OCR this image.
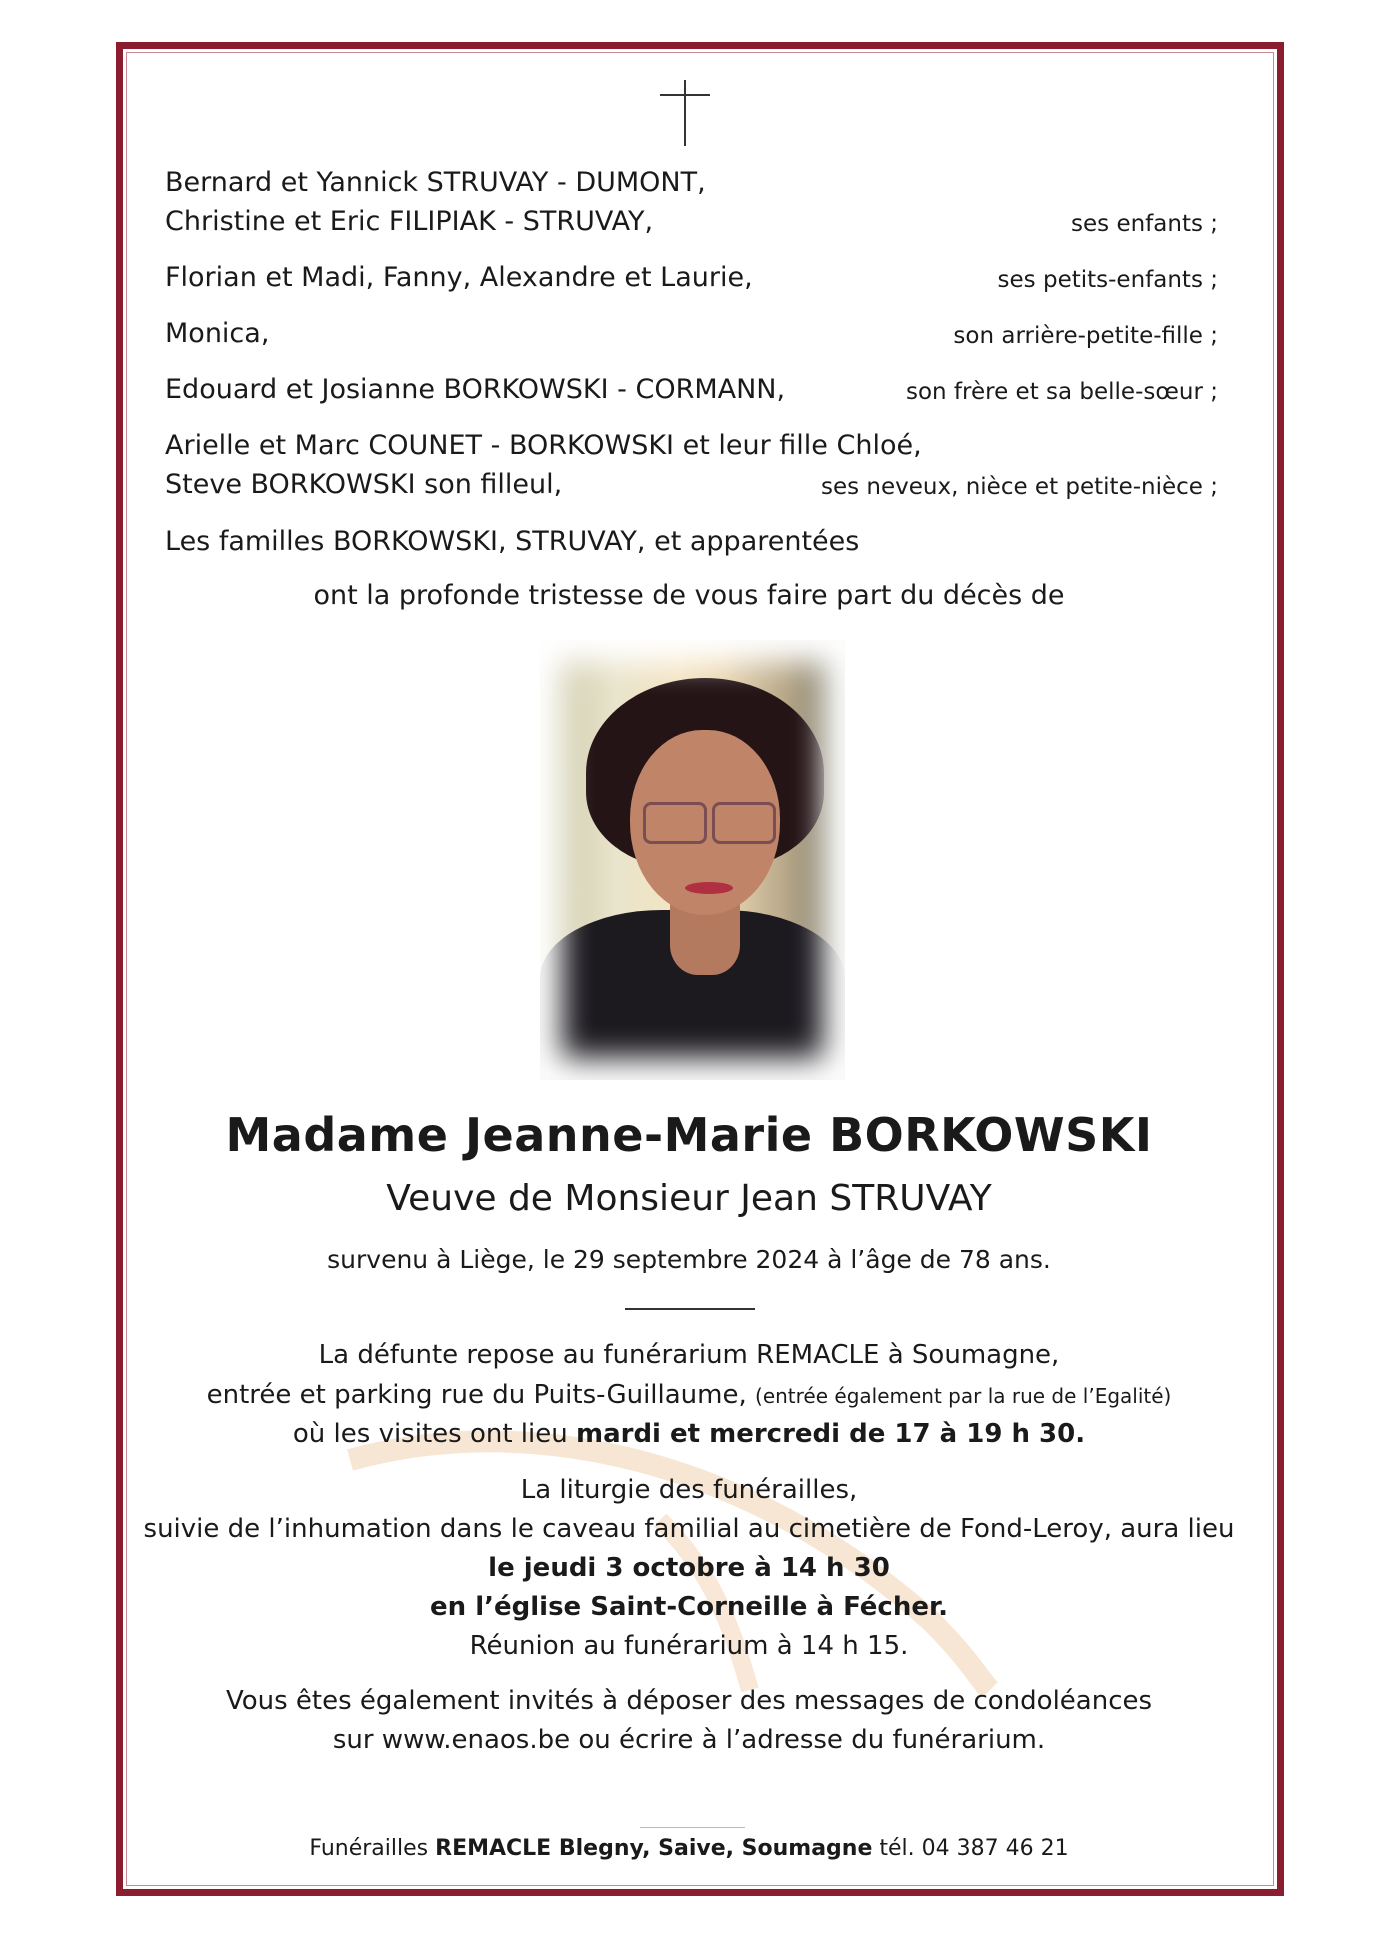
Bernard et Yannick STRUVAY - DUMONT,
Christine et Eric FILIPIAK - STRUVAY,	ses enfants ;
Florian et Madi, Fanny, Alexandre et Laurie,	ses petits-enfants ;
Monica,	son arrière-petite-fille ;
Edouard et Josianne BORKOWSKI - CORMANN,	son frère et sa belle-sœur ;
Arielle et Marc COUNET - BORKOWSKI et leur fille Chloé,
Steve BORKOWSKI son filleul,	ses neveux, nièce et petite-nièce ;
Les familles BORKOWSKI, STRUVAY, et apparentées
ont la profonde tristesse de vous faire part du décès de
Madame Jeanne-Marie BORKOWSKI
Veuve de Monsieur Jean STRUVAY
survenu à Liège, le 29 septembre 2024 à l’âge de 78 ans.
La défunte repose au funérarium REMACLE à Soumagne,
entrée et parking rue du Puits-Guillaume, (entrée également par la rue de l’Egalité)
où les visites ont lieu mardi et mercredi de 17 à 19 h 30.
La liturgie des funérailles,
suivie de l’inhumation dans le caveau familial au cimetière de Fond-Leroy, aura lieu
le jeudi 3 octobre à 14 h 30
en l’église Saint-Corneille à Fécher.
Réunion au funérarium à 14 h 15.
Vous êtes également invités à déposer des messages de condoléances
sur www.enaos.be ou écrire à l’adresse du funérarium.
Funérailles REMACLE Blegny, Saive, Soumagne tél. 04 387 46 21
